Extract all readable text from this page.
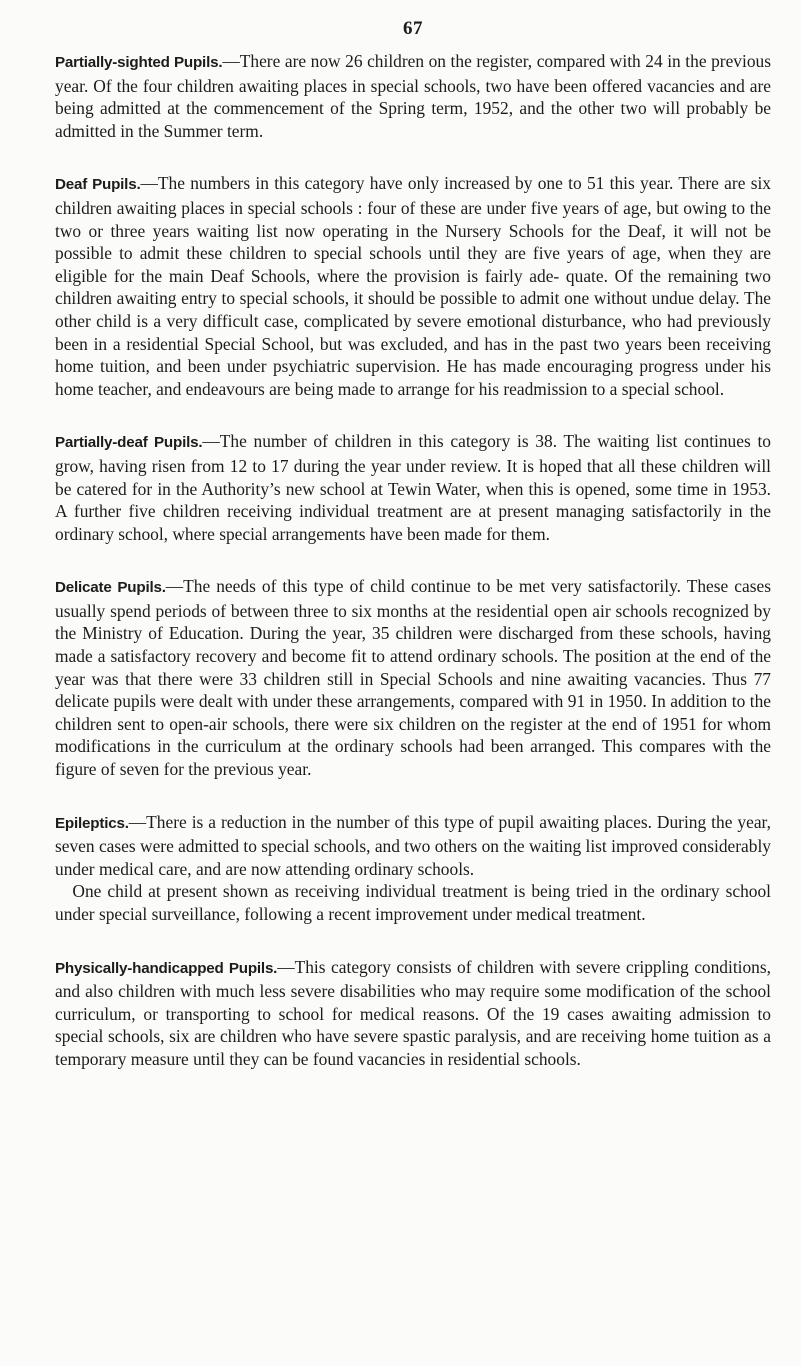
67

Partially-sighted Pupils.—There are now 26 children on the register, compared with 24 in the previous year. Of the four children awaiting places in special schools, two have been offered vacancies and are being admitted at the commencement of the Spring term, 1952, and the other two will probably be admitted in the Summer term.

Deaf Pupils.—The numbers in this category have only increased by one to 51 this year. There are six children awaiting places in special schools : four of these are under five years of age, but owing to the two or three years waiting list now operating in the Nursery Schools for the Deaf, it will not be possible to admit these children to special schools until they are five years of age, when they are eligible for the main Deaf Schools, where the provision is fairly ade- quate. Of the remaining two children awaiting entry to special schools, it should be possible to admit one without undue delay. The other child is a very difficult case, complicated by severe emotional disturbance, who had previously been in a residential Special School, but was excluded, and has in the past two years been receiving home tuition, and been under psychiatric supervision. He has made encouraging progress under his home teacher, and endeavours are being made to arrange for his readmission to a special school.

Partially-deaf Pupils.—The number of children in this category is 38. The waiting list continues to grow, having risen from 12 to 17 during the year under review. It is hoped that all these children will be catered for in the Authority’s new school at Tewin Water, when this is opened, some time in 1953. A further five children receiving individual treatment are at present managing satisfactorily in the ordinary school, where special arrangements have been made for them.

Delicate Pupils.—The needs of this type of child continue to be met very satisfactorily. These cases usually spend periods of between three to six months at the residential open air schools recognized by the Ministry of Education. During the year, 35 children were discharged from these schools, having made a satisfactory recovery and become fit to attend ordinary schools. The position at the end of the year was that there were 33 children still in Special Schools and nine awaiting vacancies. Thus 77 delicate pupils were dealt with under these arrangements, compared with 91 in 1950. In addition to the children sent to open-air schools, there were six children on the register at the end of 1951 for whom modifications in the curriculum at the ordinary schools had been arranged. This compares with the figure of seven for the previous year.

Epileptics.—There is a reduction in the number of this type of pupil awaiting places. During the year, seven cases were admitted to special schools, and two others on the waiting list improved considerably under medical care, and are now attending ordinary schools.

 One child at present shown as receiving individual treatment is being tried in the ordinary school under special surveillance, following a recent improvement under medical treatment.

Physically-handicapped Pupils.—This category consists of children with severe crippling conditions, and also children with much less severe disabilities who may require some modification of the school curriculum, or transporting to school for medical reasons. Of the 19 cases awaiting admission to special schools, six are children who have severe spastic paralysis, and are receiving home tuition as a temporary measure until they can be found vacancies in residential schools.
